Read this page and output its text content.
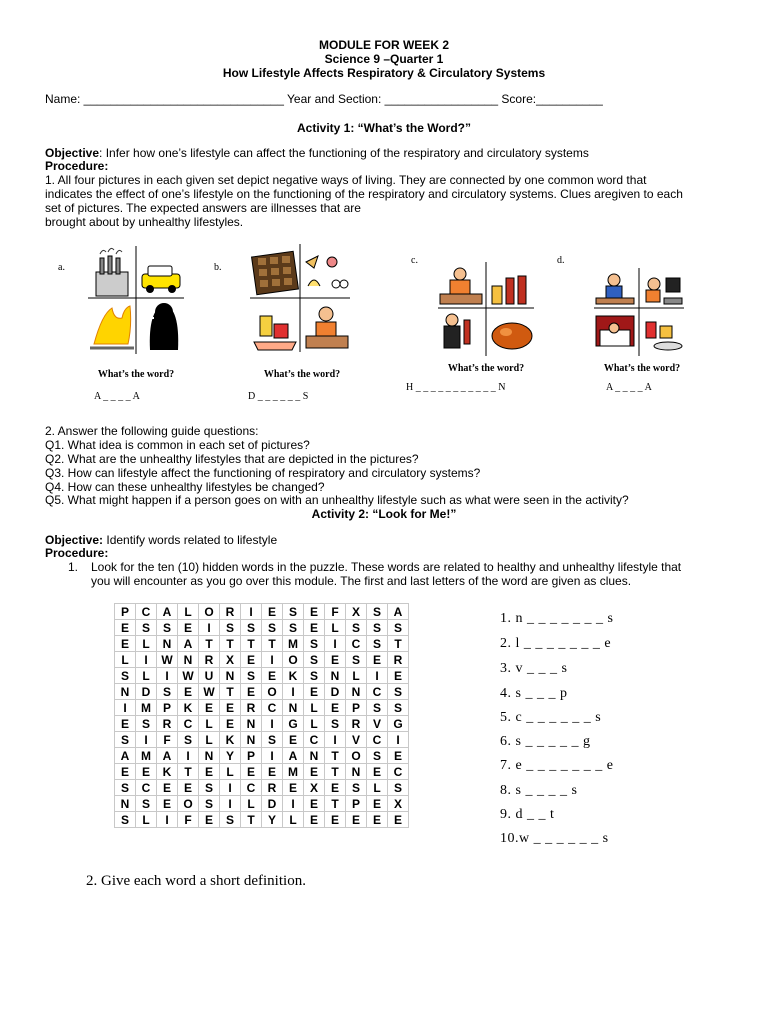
MODULE FOR WEEK 2
Science 9 –Quarter 1
How Lifestyle Affects Respiratory & Circulatory Systems
Name: ______________________________ Year and Section: _________________ Score:__________
Activity 1: “What’s the Word?”
Objective: Infer how one’s lifestyle can affect the functioning of the respiratory and circulatory systems
Procedure:
1. All four pictures in each given set depict negative ways of living. They are connected by one common word that
indicates the effect of one’s lifestyle on the functioning of the respiratory and circulatory systems. Clues aregiven to each
set of pictures. The expected answers are illnesses that are
brought about by unhealthy lifestyles.
a.
What’s the word?
A _ _ _ _ A
b.
What’s the word?
D _ _ _ _ _ _ S
c.
What’s the word?
H _ _ _ _ _ _ _ _ _ _ _ N
d.
What’s the word?
A _ _ _ _ A
2. Answer the following guide questions:
Q1. What idea is common in each set of pictures?
Q2. What are the unhealthy lifestyles that are depicted in the pictures?
Q3. How can lifestyle affect the functioning of respiratory and circulatory systems?
Q4. How can these unhealthy lifestyles be changed?
Q5. What might happen if a person goes on with an unhealthy lifestyle such as what were seen in the activity?
Activity 2: “Look for Me!”
Objective: Identify words related to lifestyle
Procedure:
1. Look for the ten (10) hidden words in the puzzle. These words are related to healthy and unhealthy lifestyle that
you will encounter as you go over this module. The first and last letters of the word are given as clues.
P	C	A	L	O	R	I	E	S	E	F	X	S	A
E	S	S	E	I	S	S	S	S	E	L	S	S	S
E	L	N	A	T	T	T	T	M	S	I	C	S	T
L	I	W	N	R	X	E	I	O	S	E	S	E	R
S	L	I	W	U	N	S	E	K	S	N	L	I	E
N	D	S	E	W	T	E	O	I	E	D	N	C	S
I	M	P	K	E	E	R	C	N	L	E	P	S	S
E	S	R	C	L	E	N	I	G	L	S	R	V	G
S	I	F	S	L	K	N	S	E	C	I	V	C	I
A	M	A	I	N	Y	P	I	A	N	T	O	S	E
E	E	K	T	E	L	E	E	M	E	T	N	E	C
S	C	E	E	S	I	C	R	E	X	E	S	L	S
N	S	E	O	S	I	L	D	I	E	T	P	E	X
S	L	I	F	E	S	T	Y	L	E	E	E	E	E
1. n _ _ _ _ _ _ _ s
2. l _ _ _ _ _ _ _ e
3. v _ _ _ s
4. s _ _ _ p
5. c _ _ _ _ _ _ s
6. s _ _ _ _ _ g
7. e _ _ _ _ _ _ _ e
8. s _ _ _ _ s
9. d _ _ t
10.w _ _ _ _ _ _ s
2. Give each word a short definition.
